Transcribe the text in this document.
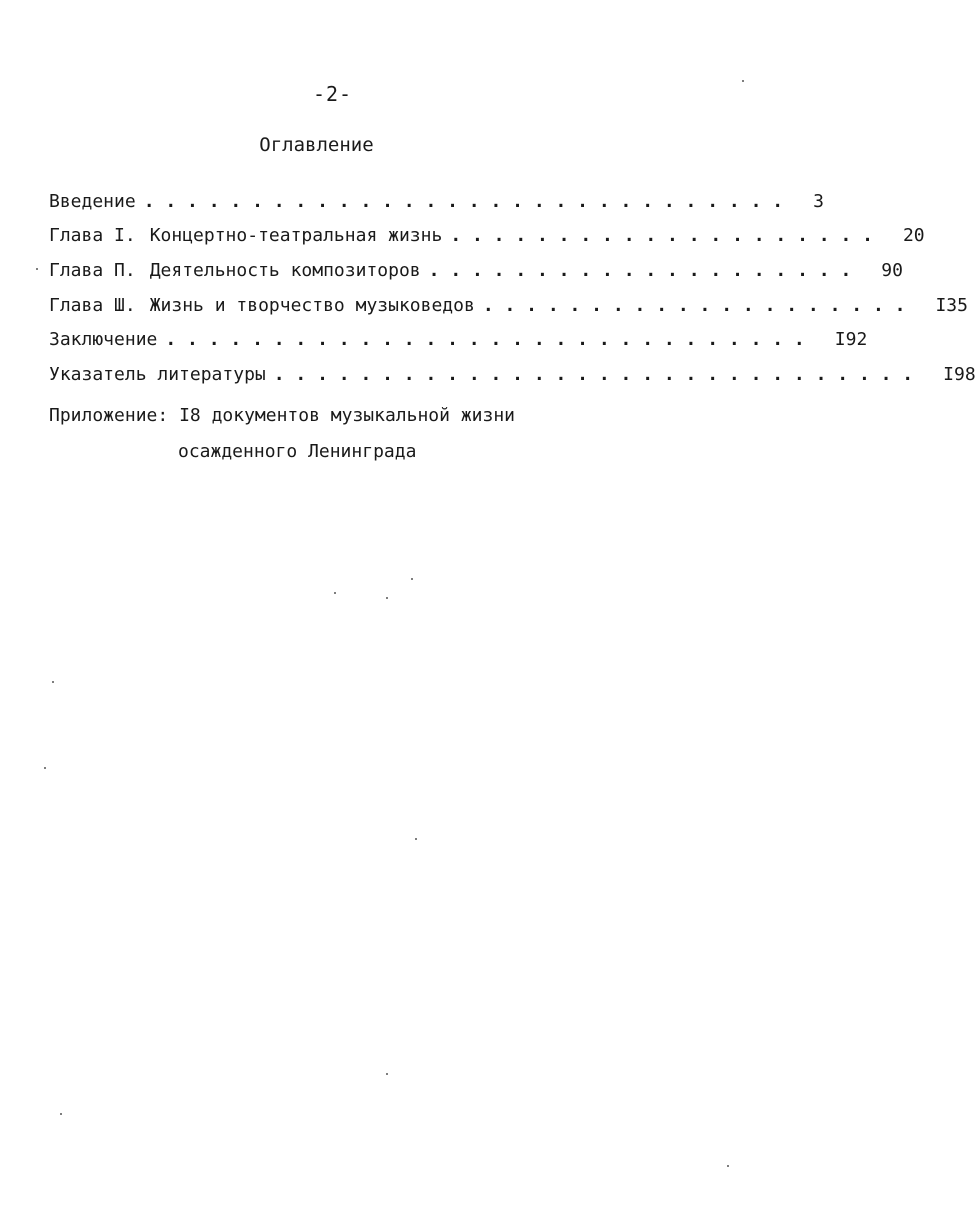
-2-
Оглавление
Введение . . . . . . . . . . . . . . . . . . . . . . . . . . . . . .	3
Глава I. Концертно-театральная жизнь . . . . . . . . . . . . . . . . . . . .	20
Глава П. Деятельность композиторов . . . . . . . . . . . . . . . . . . . .	90
Глава Ш. Жизнь и творчество музыковедов . . . . . . . . . . . . . . . . . . . .	I35
Заключение . . . . . . . . . . . . . . . . . . . . . . . . . . . . . .	I92
Указатель литературы . . . . . . . . . . . . . . . . . . . . . . . . . . . . . .	I98
Приложение: I8 документов музыкальной жизни
осажденного Ленинграда
